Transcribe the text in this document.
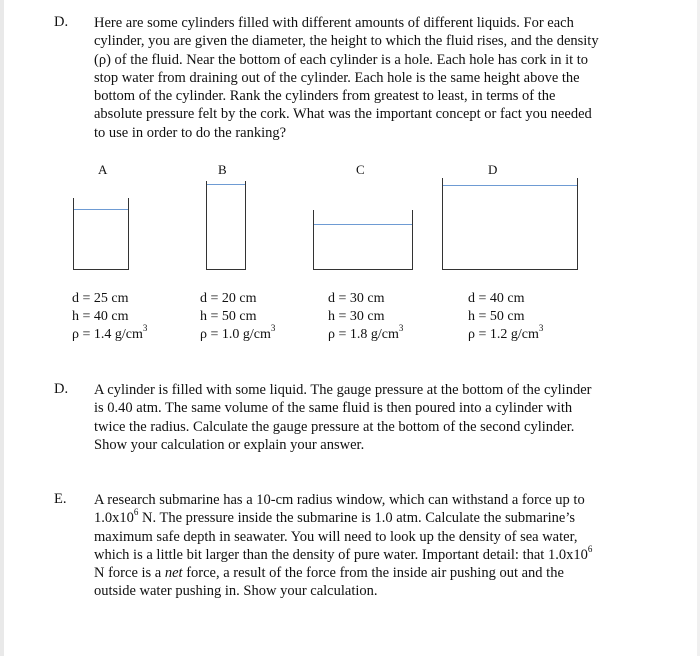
D. Here are some cylinders filled with different amounts of different liquids. For each
cylinder, you are given the diameter, the height to which the fluid rises, and the density
(ρ) of the fluid. Near the bottom of each cylinder is a hole. Each hole has cork in it to
stop water from draining out of the cylinder. Each hole is the same height above the
bottom of the cylinder. Rank the cylinders from greatest to least, in terms of the
absolute pressure felt by the cork. What was the important concept or fact you needed
to use in order to do the ranking?
A	B	C	D
d = 25 cm
h = 40 cm
ρ = 1.4 $g/cm^3$
d = 20 cm
h = 50 cm
ρ = 1.0 $g/cm^3$
d = 30 cm
h = 30 cm
ρ = 1.8 $g/cm^3$
d = 40 cm
h = 50 cm
ρ = 1.2 $g/cm^3$
D. A cylinder is filled with some liquid. The gauge pressure at the bottom of the cylinder
is 0.40 atm. The same volume of the same fluid is then poured into a cylinder with
twice the radius. Calculate the gauge pressure at the bottom of the second cylinder.
Show your calculation or explain your answer.
E. A research submarine has a 10-cm radius window, which can withstand a force up to
$1.0x10^6$ N. The pressure inside the submarine is 1.0 atm. Calculate the submarine’s
maximum safe depth in seawater. You will need to look up the density of sea water,
which is a little bit larger than the density of pure water. Important detail: that $1.0x10^6$
N force is a net force, a result of the force from the inside air pushing out and the
outside water pushing in. Show your calculation.
